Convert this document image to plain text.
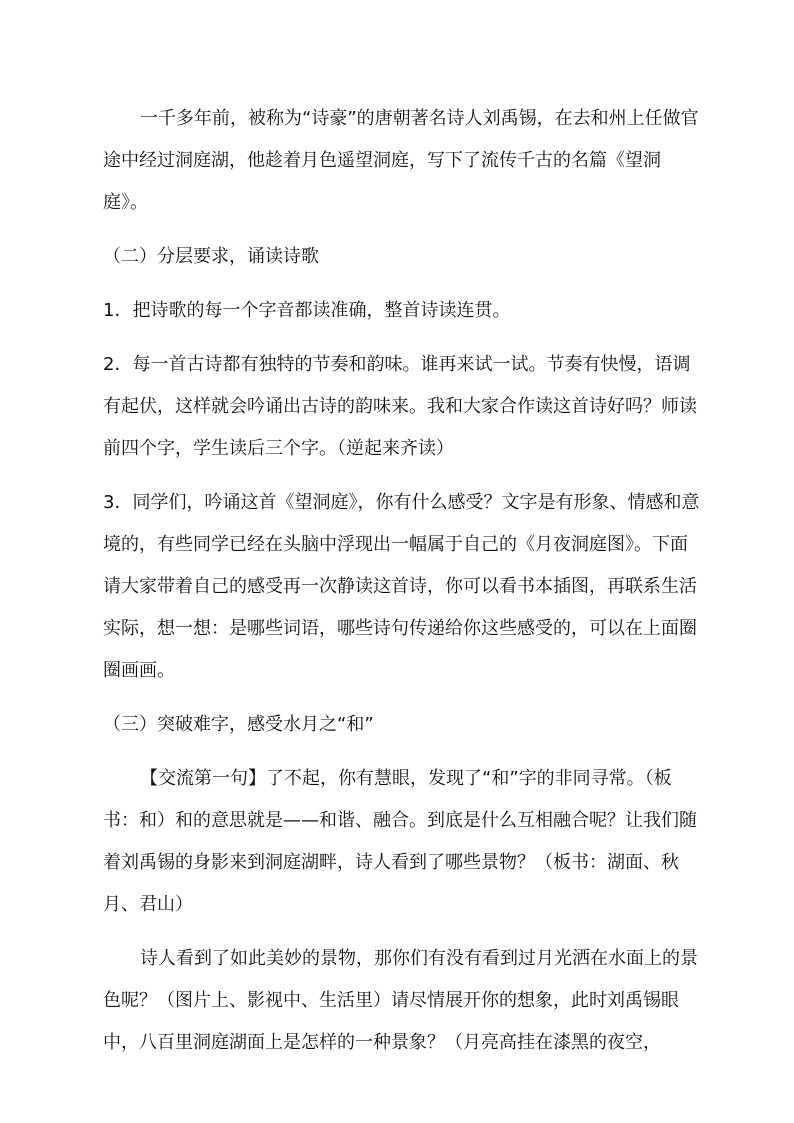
一千多年前，被称为“诗豪”的唐朝著名诗人刘禹锡，在去和州上任做官途中经过洞庭湖，他趁着月色遥望洞庭，写下了流传千古的名篇《望洞庭》。

（二）分层要求，诵读诗歌

1．把诗歌的每一个字音都读准确，整首诗读连贯。

2．每一首古诗都有独特的节奏和韵味。谁再来试一试。节奏有快慢，语调有起伏，这样就会吟诵出古诗的韵味来。我和大家合作读这首诗好吗？师读前四个字，学生读后三个字。（逆起来齐读）

3．同学们，吟诵这首《望洞庭》，你有什么感受？文字是有形象、情感和意境的，有些同学已经在头脑中浮现出一幅属于自己的《月夜洞庭图》。下面请大家带着自己的感受再一次静读这首诗，你可以看书本插图，再联系生活实际，想一想：是哪些词语，哪些诗句传递给你这些感受的，可以在上面圈圈画画。

（三）突破难字，感受水月之“和”

【交流第一句】了不起，你有慧眼，发现了“和”字的非同寻常。（板书：和）和的意思就是——和谐、融合。到底是什么互相融合呢？让我们随着刘禹锡的身影来到洞庭湖畔，诗人看到了哪些景物？（板书：湖面、秋月、君山）

诗人看到了如此美妙的景物，那你们有没有看到过月光洒在水面上的景色呢？（图片上、影视中、生活里）请尽情展开你的想象，此时刘禹锡眼中，八百里洞庭湖面上是怎样的一种景象？（月亮高挂在漆黑的夜空，
